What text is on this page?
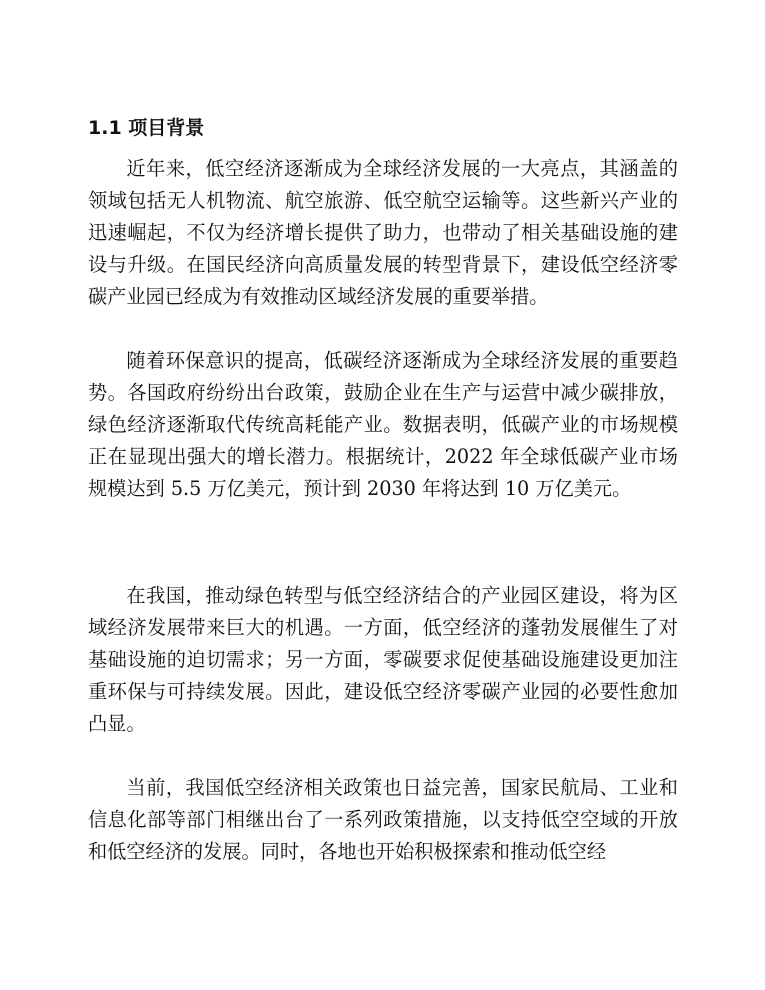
1.1 项目背景

近年来，低空经济逐渐成为全球经济发展的一大亮点，其涵盖的领域包括无人机物流、航空旅游、低空航空运输等。这些新兴产业的迅速崛起，不仅为经济增长提供了助力，也带动了相关基础设施的建设与升级。在国民经济向高质量发展的转型背景下，建设低空经济零碳产业园已经成为有效推动区域经济发展的重要举措。

随着环保意识的提高，低碳经济逐渐成为全球经济发展的重要趋势。各国政府纷纷出台政策，鼓励企业在生产与运营中减少碳排放，绿色经济逐渐取代传统高耗能产业。数据表明，低碳产业的市场规模正在显现出强大的增长潜力。根据统计，2022 年全球低碳产业市场规模达到 5.5 万亿美元，预计到 2030 年将达到 10 万亿美元。

在我国，推动绿色转型与低空经济结合的产业园区建设，将为区域经济发展带来巨大的机遇。一方面，低空经济的蓬勃发展催生了对基础设施的迫切需求；另一方面，零碳要求促使基础设施建设更加注重环保与可持续发展。因此，建设低空经济零碳产业园的必要性愈加凸显。

当前，我国低空经济相关政策也日益完善，国家民航局、工业和信息化部等部门相继出台了一系列政策措施，以支持低空空域的开放和低空经济的发展。同时，各地也开始积极探索和推动低空经
